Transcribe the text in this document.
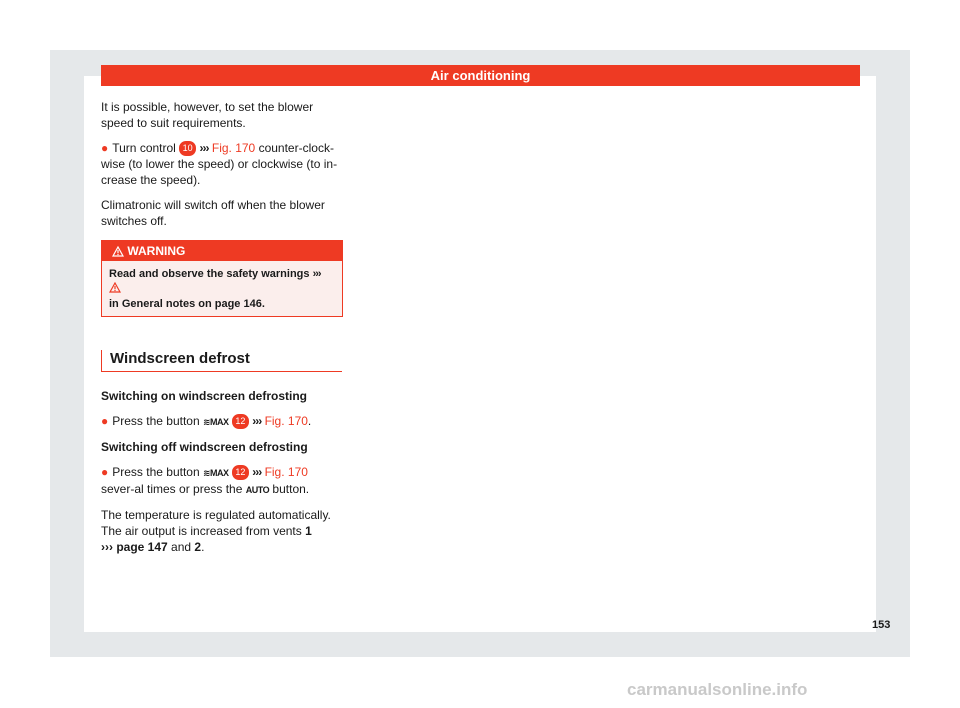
Air conditioning

It is possible, however, to set the blower speed to suit requirements.

● Turn control 10 ››› Fig. 170 counter-clock-wise (to lower the speed) or clockwise (to in-crease the speed).

Climatronic will switch off when the blower switches off.

WARNING
Read and observe the safety warnings ›››
in General notes on page 146.
Windscreen defrost

Switching on windscreen defrosting

● Press the button ≋MAX 12 ››› Fig. 170.

Switching off windscreen defrosting

● Press the button ≋MAX 12 ››› Fig. 170 sever-al times or press the AUTO button.

The temperature is regulated automatically. The air output is increased from vents 1
››› page 147 and 2.

153
carmanualsonline.info
